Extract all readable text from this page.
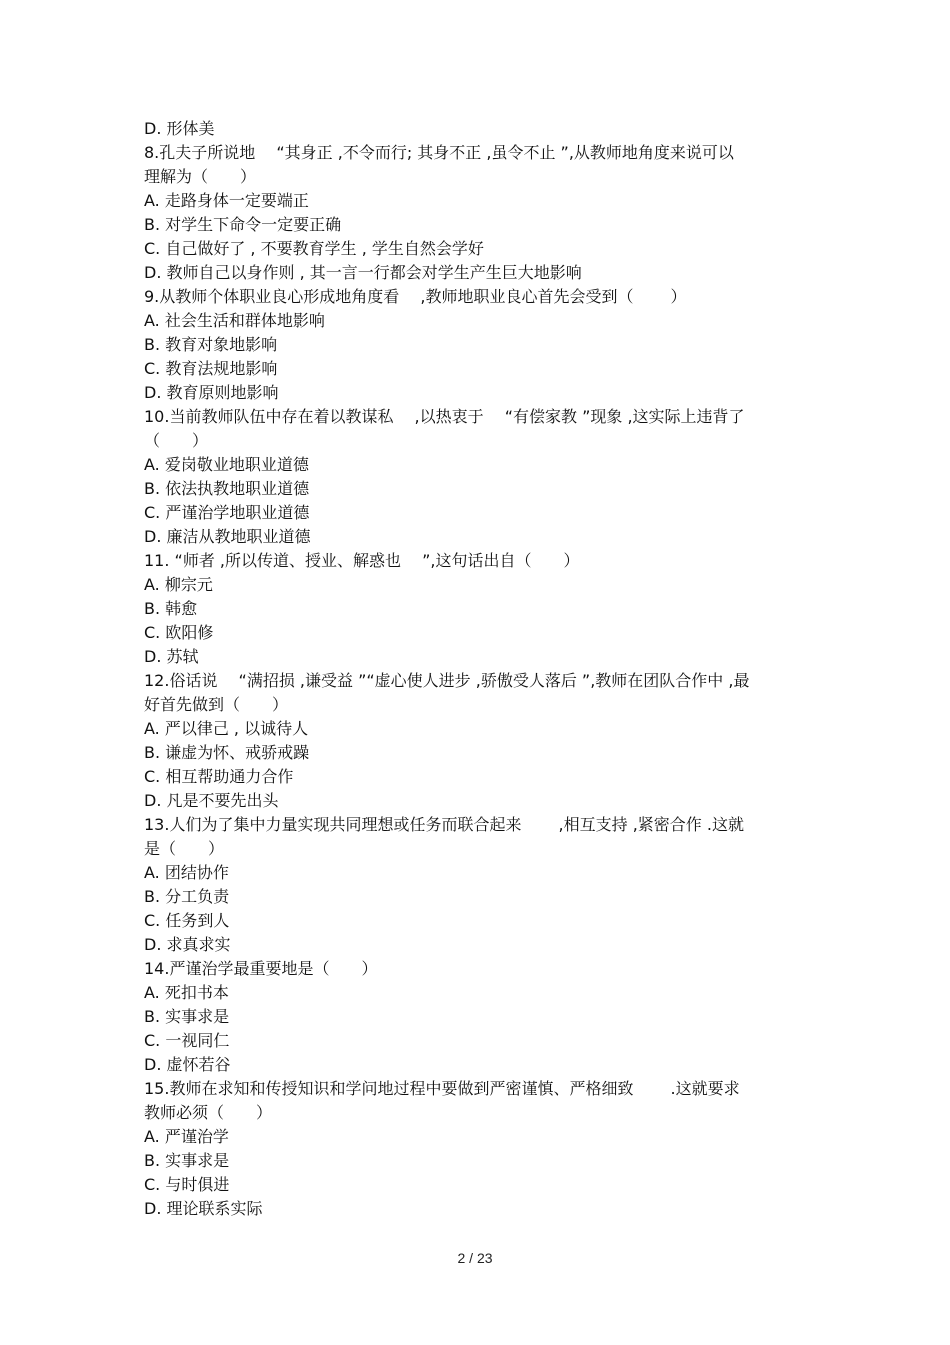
D. 形体美
8.孔夫子所说地　 “其身正 ,不令而行; 其身不正 ,虽令不止 ”,从教师地角度来说可以
理解为（　　）
A. 走路身体一定要端正
B. 对学生下命令一定要正确
C. 自己做好了 , 不要教育学生 , 学生自然会学好
D. 教师自己以身作则 , 其一言一行都会对学生产生巨大地影响
9.从教师个体职业良心形成地角度看　 ,教师地职业良心首先会受到（　　 ）
A. 社会生活和群体地影响
B. 教育对象地影响
C. 教育法规地影响
D. 教育原则地影响
10.当前教师队伍中存在着以教谋私　 ,以热衷于　 “有偿家教 ”现象 ,这实际上违背了
（　　）
A. 爱岗敬业地职业道德
B. 依法执教地职业道德
C. 严谨治学地职业道德
D. 廉洁从教地职业道德
11. “师者 ,所以传道、授业、解惑也　 ”,这句话出自（　　）
A. 柳宗元
B. 韩愈
C. 欧阳修
D. 苏轼
12.俗话说　 “满招损 ,谦受益 ”“虚心使人进步 ,骄傲受人落后 ”,教师在团队合作中 ,最
好首先做到（　　）
A. 严以律己 , 以诚待人
B. 谦虚为怀、戒骄戒躁
C. 相互帮助通力合作
D. 凡是不要先出头
13.人们为了集中力量实现共同理想或任务而联合起来　　 ,相互支持 ,紧密合作 .这就
是（　　）
A. 团结协作
B. 分工负责
C. 任务到人
D. 求真求实
14.严谨治学最重要地是（　　）
A. 死扣书本
B. 实事求是
C. 一视同仁
D. 虚怀若谷
15.教师在求知和传授知识和学问地过程中要做到严密谨慎、严格细致　　 .这就要求
教师必须（　　）
A. 严谨治学
B. 实事求是
C. 与时俱进
D. 理论联系实际
2 / 23
